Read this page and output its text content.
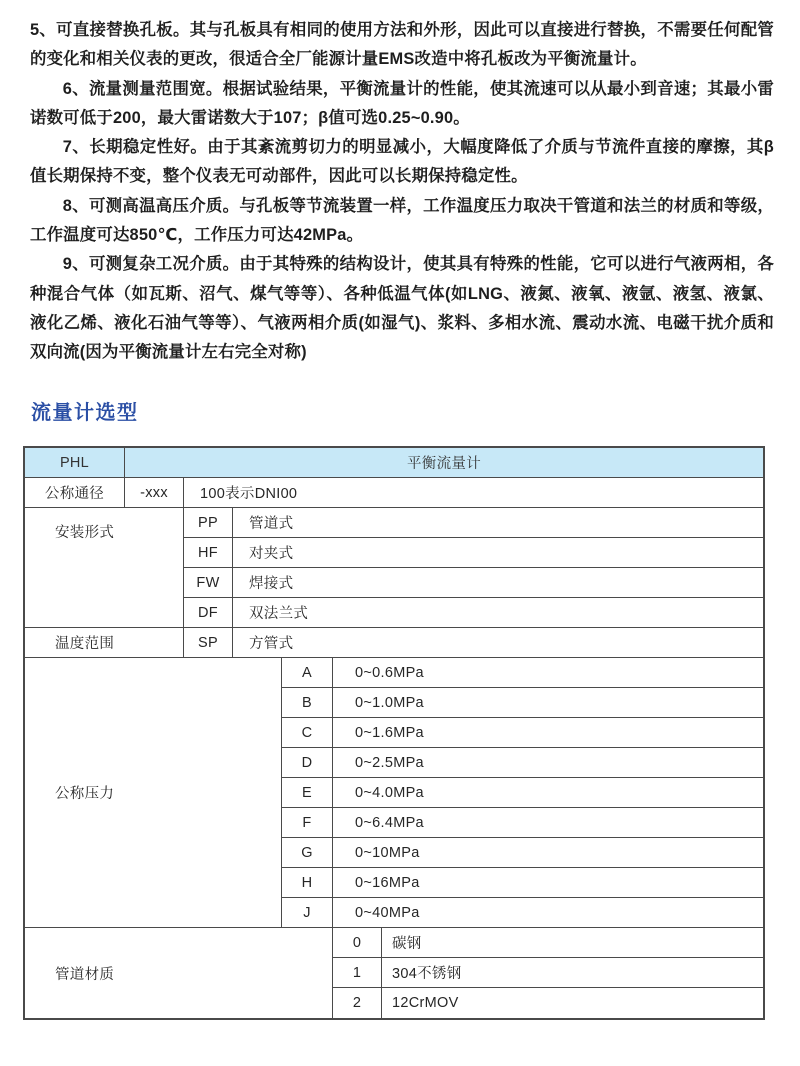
5、可直接替换孔板。其与孔板具有相同的使用方法和外形，因此可以直接进行替换，不需要任何配管的变化和相关仪表的更改，很适合全厂能源计量EMS改造中将孔板改为平衡流量计。

6、流量测量范围宽。根据试验结果，平衡流量计的性能，使其流速可以从最小到音速；其最小雷诺数可低于200，最大雷诺数大于107；β值可选0.25~0.90。

7、长期稳定性好。由于其紊流剪切力的明显减小，大幅度降低了介质与节流件直接的摩擦，其β值长期保持不变，整个仪表无可动部件，因此可以长期保持稳定性。

8、可测高温高压介质。与孔板等节流装置一样，工作温度压力取决干管道和法兰的材质和等级，工作温度可达850℃，工作压力可达42MPa。

9、可测复杂工况介质。由于其特殊的结构设计，使其具有特殊的性能，它可以进行气液两相，各种混合气体（如瓦斯、沼气、煤气等等）、各种低温气体(如LNG、液氮、液氧、液氩、液氢、液氯、液化乙烯、液化石油气等等）、气液两相介质(如湿气)、浆料、多相水流、震动水流、电磁干扰介质和双向流(因为平衡流量计左右完全对称)

流量计选型
PHL	平衡流量计
公称通径	-xxx	100表示DNI00
安装形式
PP	管道式
HF	对夹式
FW	焊接式
DF	双法兰式
温度范围	SP	方管式
公称压力
A	0~0.6MPa
B	0~1.0MPa
C	0~1.6MPa
D	0~2.5MPa
E	0~4.0MPa
F	0~6.4MPa
G	0~10MPa
H	0~16MPa
J	0~40MPa
管道材质
0	碳钢
1	304不锈钢
2	12CrMOV
